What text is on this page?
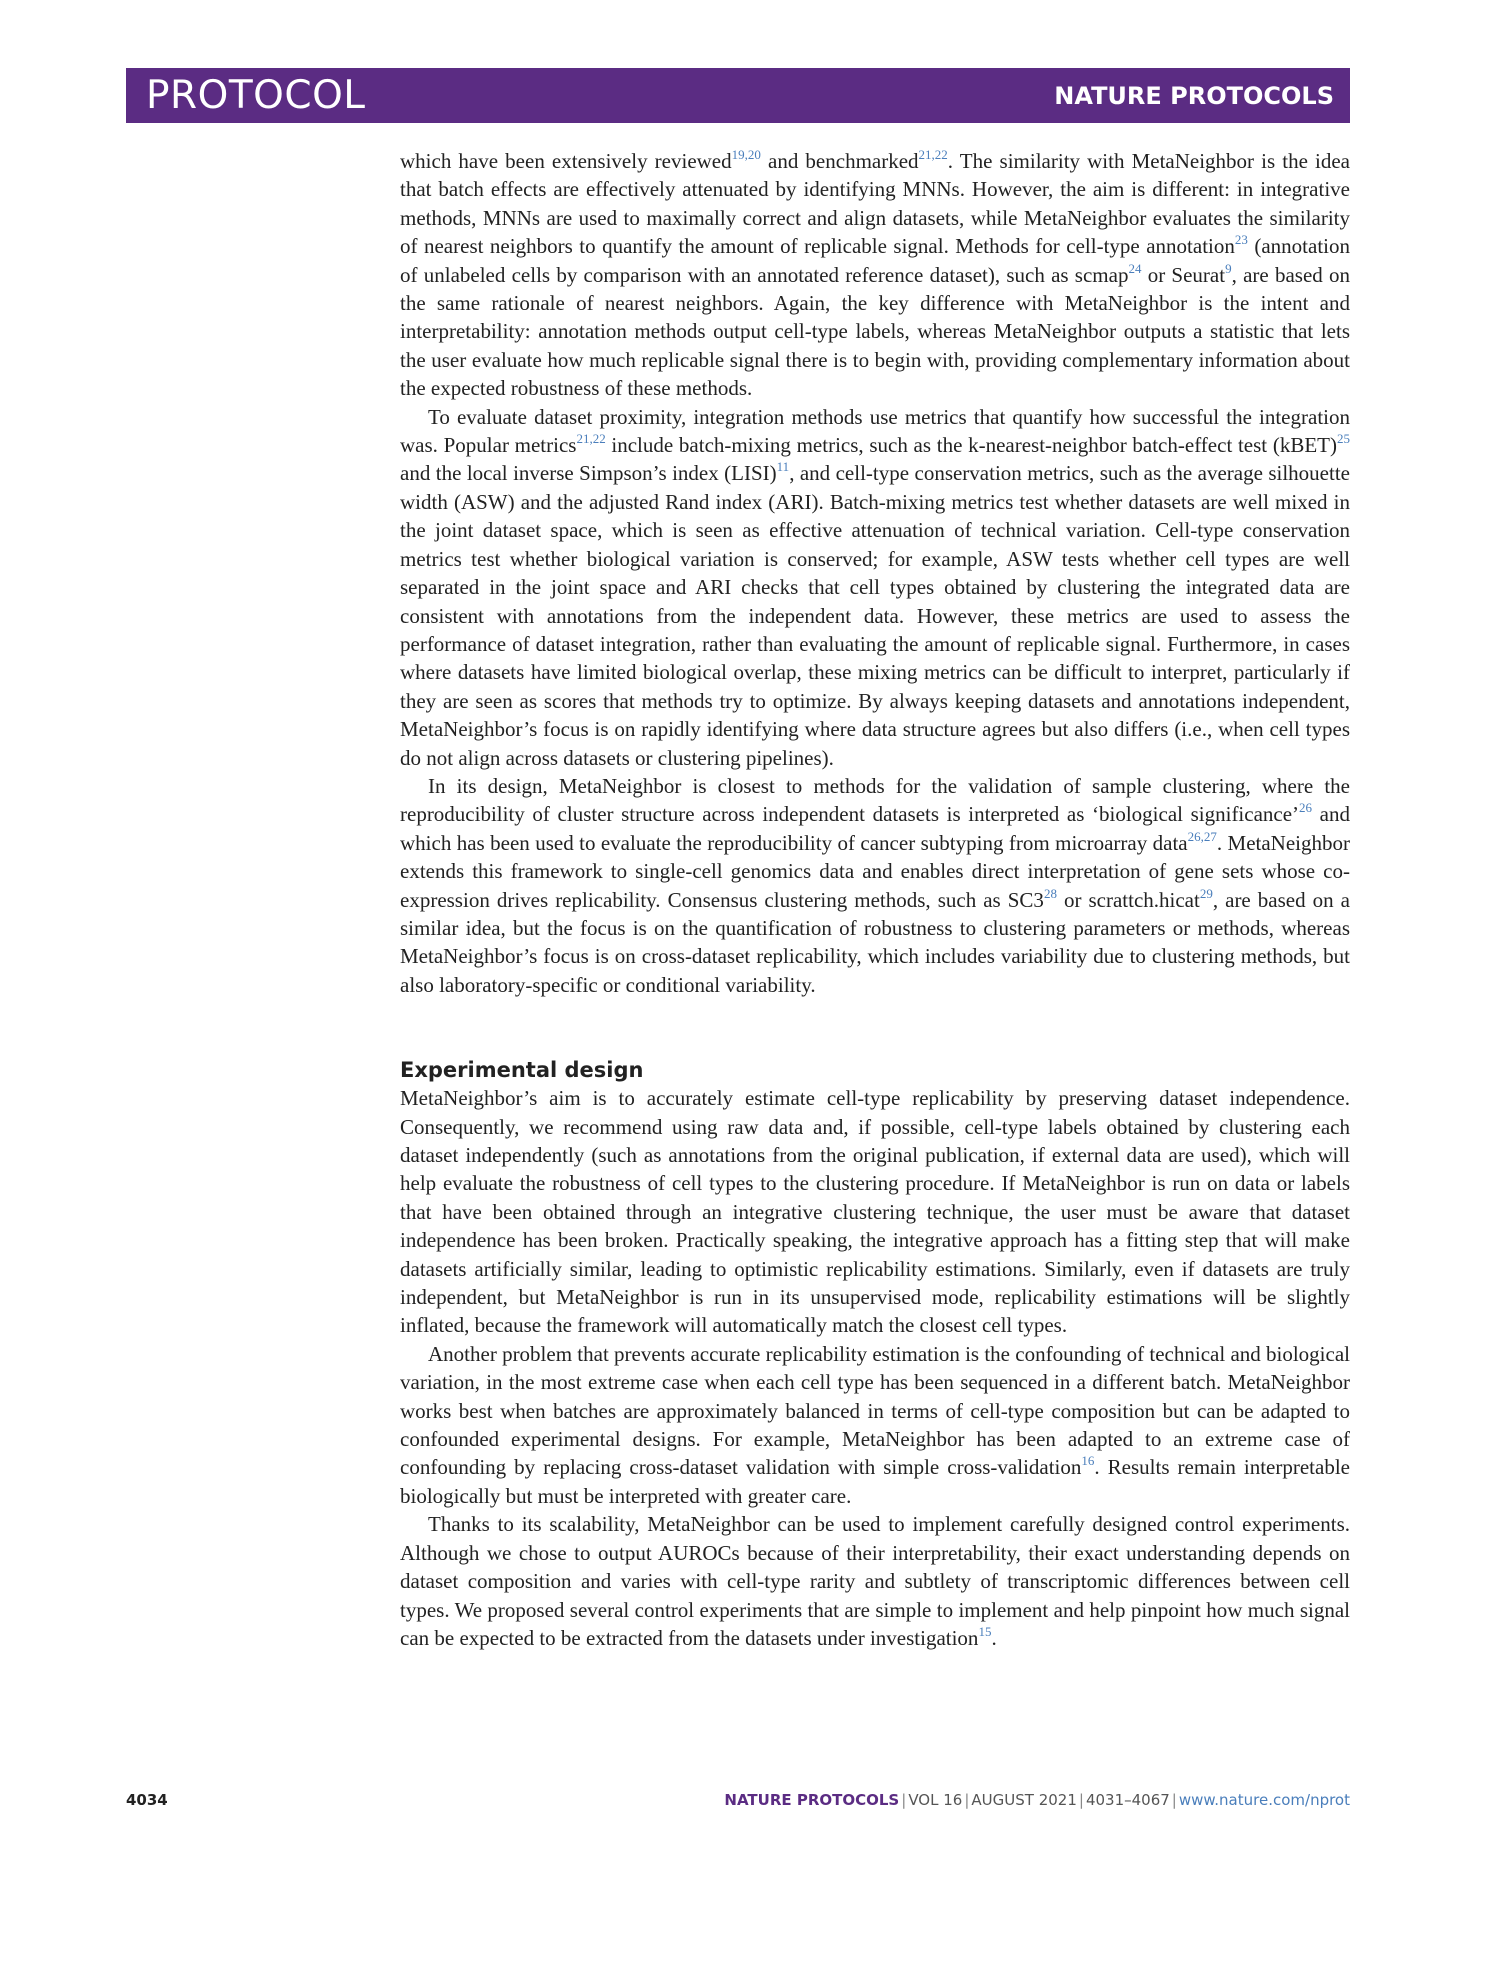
PROTOCOL	NATURE PROTOCOLS

which have been extensively reviewed$^{19,20}$ and benchmarked$^{21,22}$. The similarity with MetaNeighbor is the idea that batch effects are effectively attenuated by identifying MNNs. However, the aim is different: in integrative methods, MNNs are used to maximally correct and align datasets, while MetaNeighbor evaluates the similarity of nearest neighbors to quantify the amount of replicable signal. Methods for cell-type annotation$^{23}$ (annotation of unlabeled cells by comparison with an annotated reference dataset), such as scmap$^{24}$ or Seurat$^9$, are based on the same rationale of nearest neighbors. Again, the key difference with MetaNeighbor is the intent and interpretability: annotation methods output cell-type labels, whereas MetaNeighbor outputs a statistic that lets the user evaluate how much replicable signal there is to begin with, providing complementary information about the expected robustness of these methods.

To evaluate dataset proximity, integration methods use metrics that quantify how successful the integration was. Popular metrics$^{21,22}$ include batch-mixing metrics, such as the k-nearest-neighbor batch-effect test (kBET)$^{25}$ and the local inverse Simpson’s index (LISI)$^{11}$, and cell-type conservation metrics, such as the average silhouette width (ASW) and the adjusted Rand index (ARI). Batch-mixing metrics test whether datasets are well mixed in the joint dataset space, which is seen as effective attenuation of technical variation. Cell-type conservation metrics test whether biological variation is conserved; for example, ASW tests whether cell types are well separated in the joint space and ARI checks that cell types obtained by clustering the integrated data are consistent with annotations from the independent data. However, these metrics are used to assess the performance of dataset integration, rather than evaluating the amount of replicable signal. Furthermore, in cases where datasets have limited biological overlap, these mixing metrics can be difficult to interpret, particularly if they are seen as scores that methods try to optimize. By always keeping datasets and annotations independent, MetaNeighbor’s focus is on rapidly identifying where data structure agrees but also differs (i.e., when cell types do not align across datasets or clustering pipelines).

In its design, MetaNeighbor is closest to methods for the validation of sample clustering, where the reproducibility of cluster structure across independent datasets is interpreted as ‘biological significance’$^{26}$ and which has been used to evaluate the reproducibility of cancer subtyping from microarray data$^{26,27}$. MetaNeighbor extends this framework to single-cell genomics data and enables direct interpretation of gene sets whose co-expression drives replicability. Consensus clustering methods, such as SC3$^{28}$ or scrattch.hicat$^{29}$, are based on a similar idea, but the focus is on the quantification of robustness to clustering parameters or methods, whereas MetaNeighbor’s focus is on cross-dataset replicability, which includes variability due to clustering methods, but also laboratory-specific or conditional variability.

Experimental design

MetaNeighbor’s aim is to accurately estimate cell-type replicability by preserving dataset independence. Consequently, we recommend using raw data and, if possible, cell-type labels obtained by clustering each dataset independently (such as annotations from the original publication, if external data are used), which will help evaluate the robustness of cell types to the clustering procedure. If MetaNeighbor is run on data or labels that have been obtained through an integrative clustering technique, the user must be aware that dataset independence has been broken. Practically speaking, the integrative approach has a fitting step that will make datasets artificially similar, leading to optimistic replicability estimations. Similarly, even if datasets are truly independent, but MetaNeighbor is run in its unsupervised mode, replicability estimations will be slightly inflated, because the framework will automatically match the closest cell types.

Another problem that prevents accurate replicability estimation is the confounding of technical and biological variation, in the most extreme case when each cell type has been sequenced in a different batch. MetaNeighbor works best when batches are approximately balanced in terms of cell-type composition but can be adapted to confounded experimental designs. For example, MetaNeighbor has been adapted to an extreme case of confounding by replacing cross-dataset validation with simple cross-validation$^{16}$. Results remain interpretable biologically but must be interpreted with greater care.

Thanks to its scalability, MetaNeighbor can be used to implement carefully designed control experiments. Although we chose to output AUROCs because of their interpretability, their exact understanding depends on dataset composition and varies with cell-type rarity and subtlety of transcriptomic differences between cell types. We proposed several control experiments that are simple to implement and help pinpoint how much signal can be expected to be extracted from the datasets under investigation$^{15}$.

4034	NATURE PROTOCOLS | VOL 16 | AUGUST 2021 | 4031–4067 | www.nature.com/nprot
